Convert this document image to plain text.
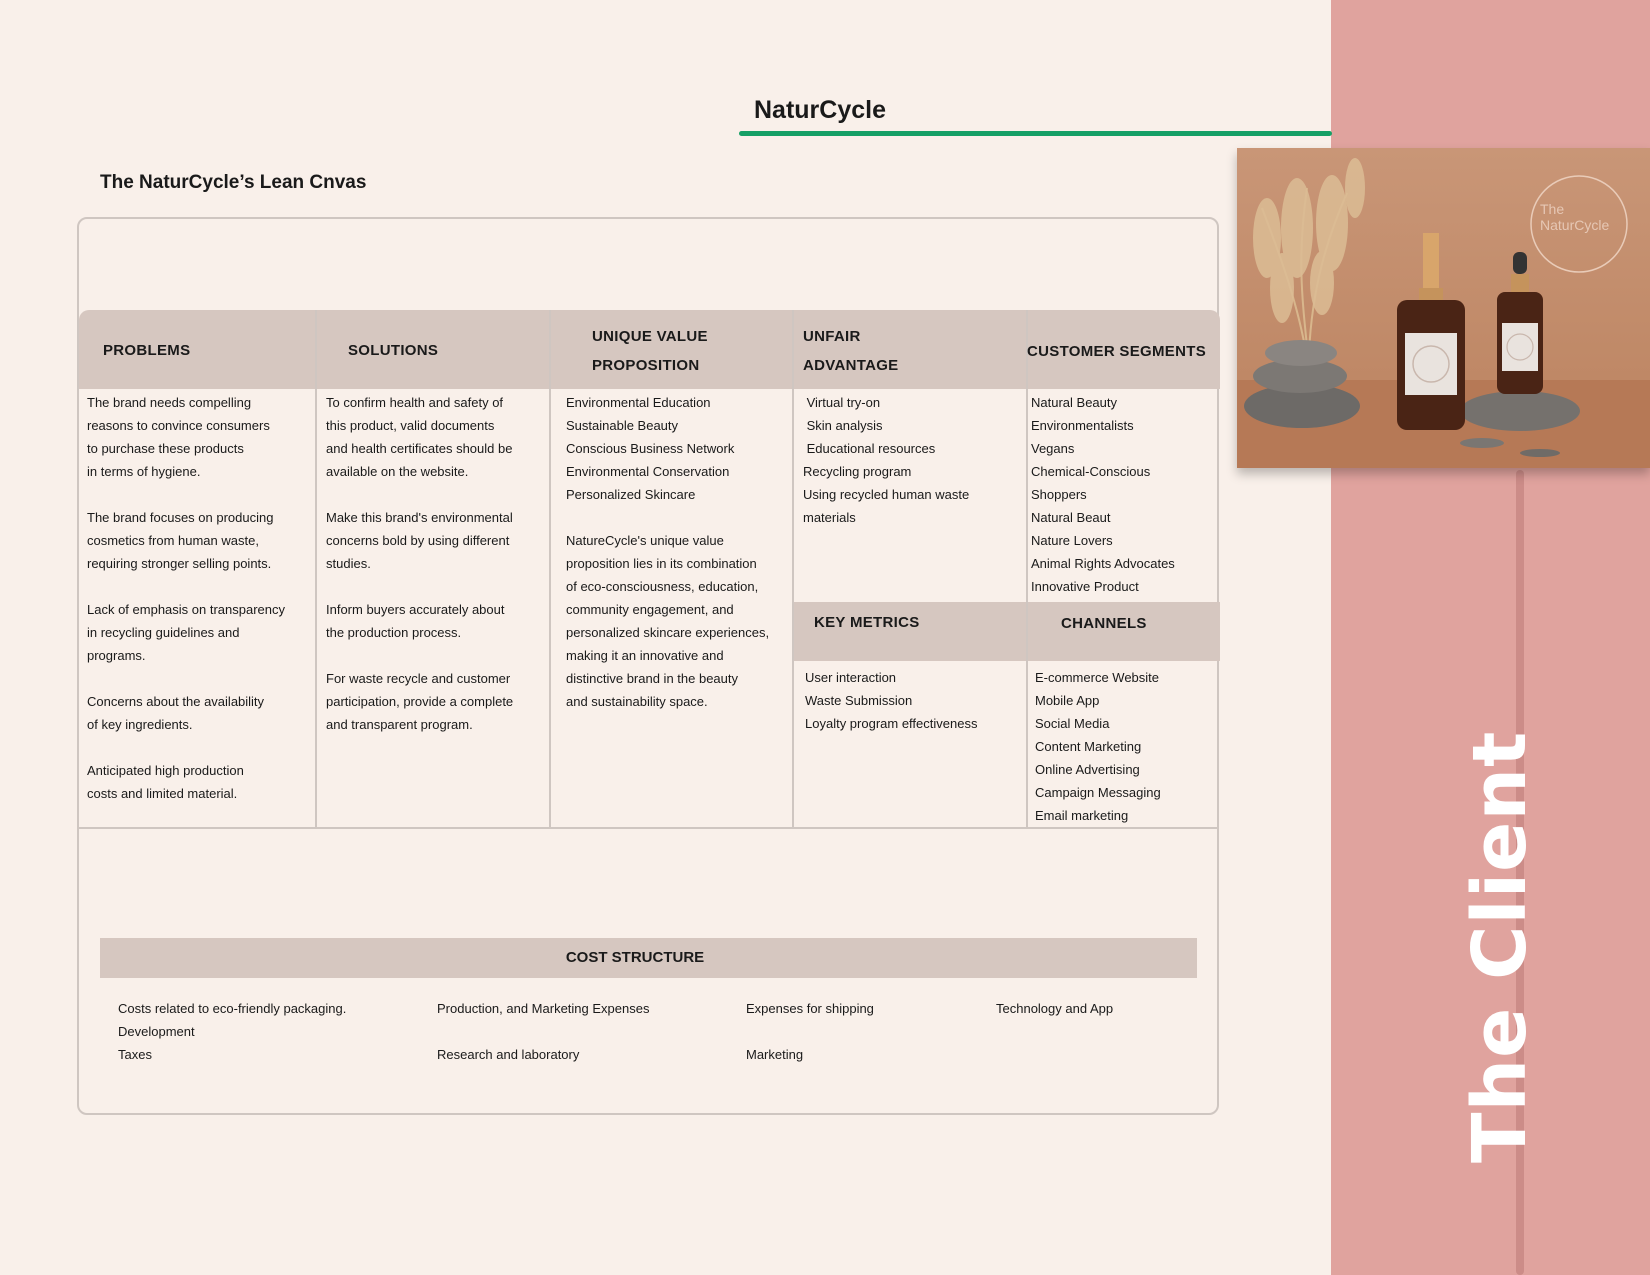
The Client
The
NaturCycle
NaturCycle
The NaturCycle’s Lean Cnvas
PROBLEMS	SOLUTIONS
UNIQUE VALUE
PROPOSITION
UNFAIR
ADVANTAGE
CUSTOMER SEGMENTS
KEY METRICS	CHANNELS
The brand needs compelling
reasons to convince consumers
to purchase these products
in terms of hygiene.
The brand focuses on producing
cosmetics from human waste,
requiring stronger selling points.
Lack of emphasis on transparency
in recycling guidelines and
programs.
Concerns about the availability
of key ingredients.
Anticipated high production
costs and limited material.
To confirm health and safety of
this product, valid documents
and health certificates should be
available on the website.
Make this brand's environmental
concerns bold by using different
studies.
Inform buyers accurately about
the production process.
For waste recycle and customer
participation, provide a complete
and transparent program.
Environmental Education
Sustainable Beauty
Conscious Business Network
Environmental Conservation
Personalized Skincare
NatureCycle's unique value
proposition lies in its combination
of eco-consciousness, education,
community engagement, and
personalized skincare experiences,
making it an innovative and
distinctive brand in the beauty
and sustainability space.
Virtual try-on
Skin analysis
Educational resources
Recycling program
Using recycled human waste
materials
Natural Beauty
Environmentalists
Vegans
Chemical-Conscious
Shoppers
Natural Beaut
Nature Lovers
Animal Rights Advocates
Innovative Product
User interaction
Waste Submission
Loyalty program effectiveness
E-commerce Website
Mobile App
Social Media
Content Marketing
Online Advertising
Campaign Messaging
Email marketing
COST STRUCTURE
Costs related to eco-friendly packaging.
Development
Taxes
Production, and Marketing Expenses
Research and laboratory
Expenses for shipping
Marketing
Technology and App
